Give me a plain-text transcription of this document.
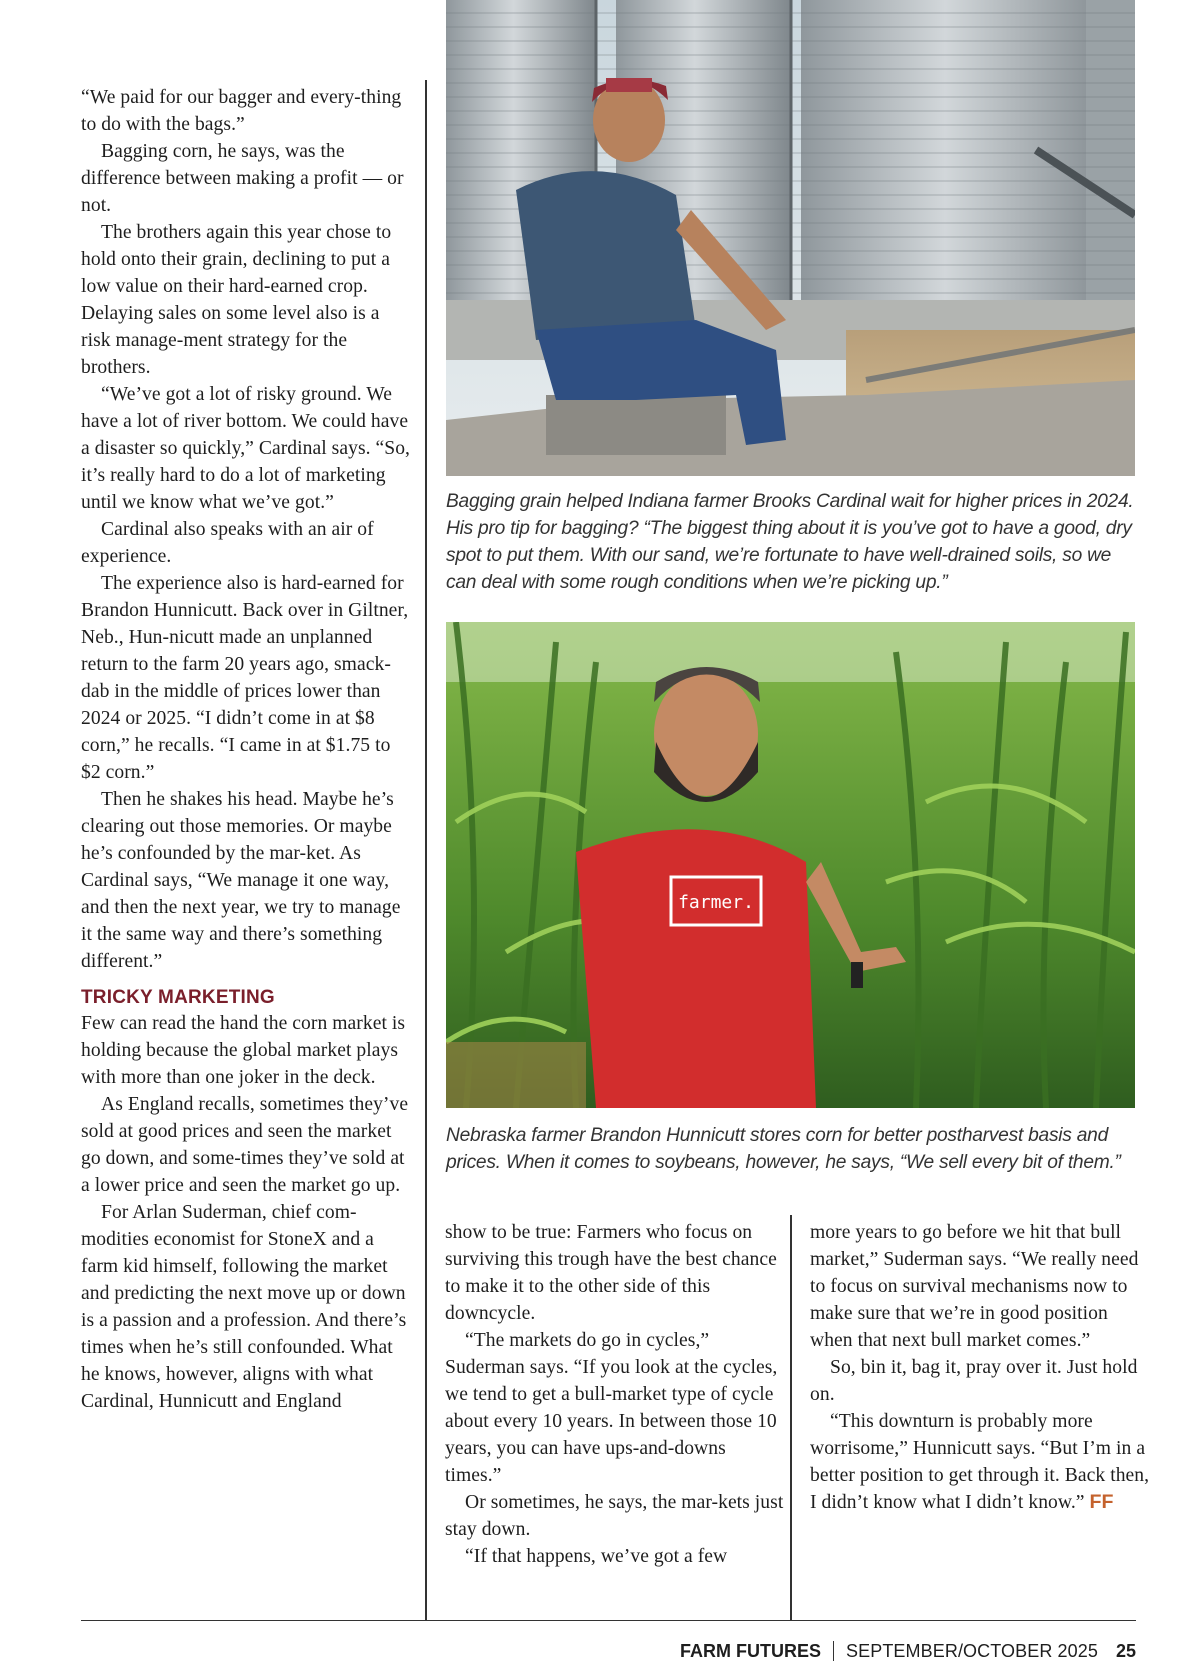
“We paid for our bagger and every-thing to do with the bags.”

Bagging corn, he says, was the difference between making a profit — or not.

The brothers again this year chose to hold onto their grain, declining to put a low value on their hard-earned crop. Delaying sales on some level also is a risk manage-ment strategy for the brothers.

“We’ve got a lot of risky ground. We have a lot of river bottom. We could have a disaster so quickly,” Cardinal says. “So, it’s really hard to do a lot of marketing until we know what we’ve got.”

Cardinal also speaks with an air of experience.

The experience also is hard-earned for Brandon Hunnicutt. Back over in Giltner, Neb., Hun-nicutt made an unplanned return to the farm 20 years ago, smack-dab in the middle of prices lower than 2024 or 2025. “I didn’t come in at $8 corn,” he recalls. “I came in at $1.75 to $2 corn.”

Then he shakes his head. Maybe he’s clearing out those memories. Or maybe he’s confounded by the mar-ket. As Cardinal says, “We manage it one way, and then the next year, we try to manage it the same way and there’s something different.”

TRICKY MARKETING

Few can read the hand the corn market is holding because the global market plays with more than one joker in the deck.

As England recalls, sometimes they’ve sold at good prices and seen the market go down, and some-times they’ve sold at a lower price and seen the market go up.

For Arlan Suderman, chief com-modities economist for StoneX and a farm kid himself, following the market and predicting the next move up or down is a passion and a profession. And there’s times when he’s still confounded. What he knows, however, aligns with what Cardinal, Hunnicutt and England

Bagging grain helped Indiana farmer Brooks Cardinal wait for higher prices in 2024. His pro tip for bagging? “The biggest thing about it is you’ve got to have a good, dry spot to put them. With our sand, we’re fortunate to have well-drained soils, so we can deal with some rough conditions when we’re picking up.”
farmer.
Nebraska farmer Brandon Hunnicutt stores corn for better postharvest basis and prices. When it comes to soybeans, however, he says, “We sell every bit of them.”

show to be true: Farmers who focus on surviving this trough have the best chance to make it to the other side of this downcycle.

“The markets do go in cycles,” Suderman says. “If you look at the cycles, we tend to get a bull-market type of cycle about every 10 years. In between those 10 years, you can have ups-and-downs times.”

Or sometimes, he says, the mar-kets just stay down.

“If that happens, we’ve got a few

more years to go before we hit that bull market,” Suderman says. “We really need to focus on survival mechanisms now to make sure that we’re in good position when that next bull market comes.”

So, bin it, bag it, pray over it. Just hold on.

“This downturn is probably more worrisome,” Hunnicutt says. “But I’m in a better position to get through it. Back then, I didn’t know what I didn’t know.” FF

FARM FUTURES SEPTEMBER/OCTOBER 2025 25
